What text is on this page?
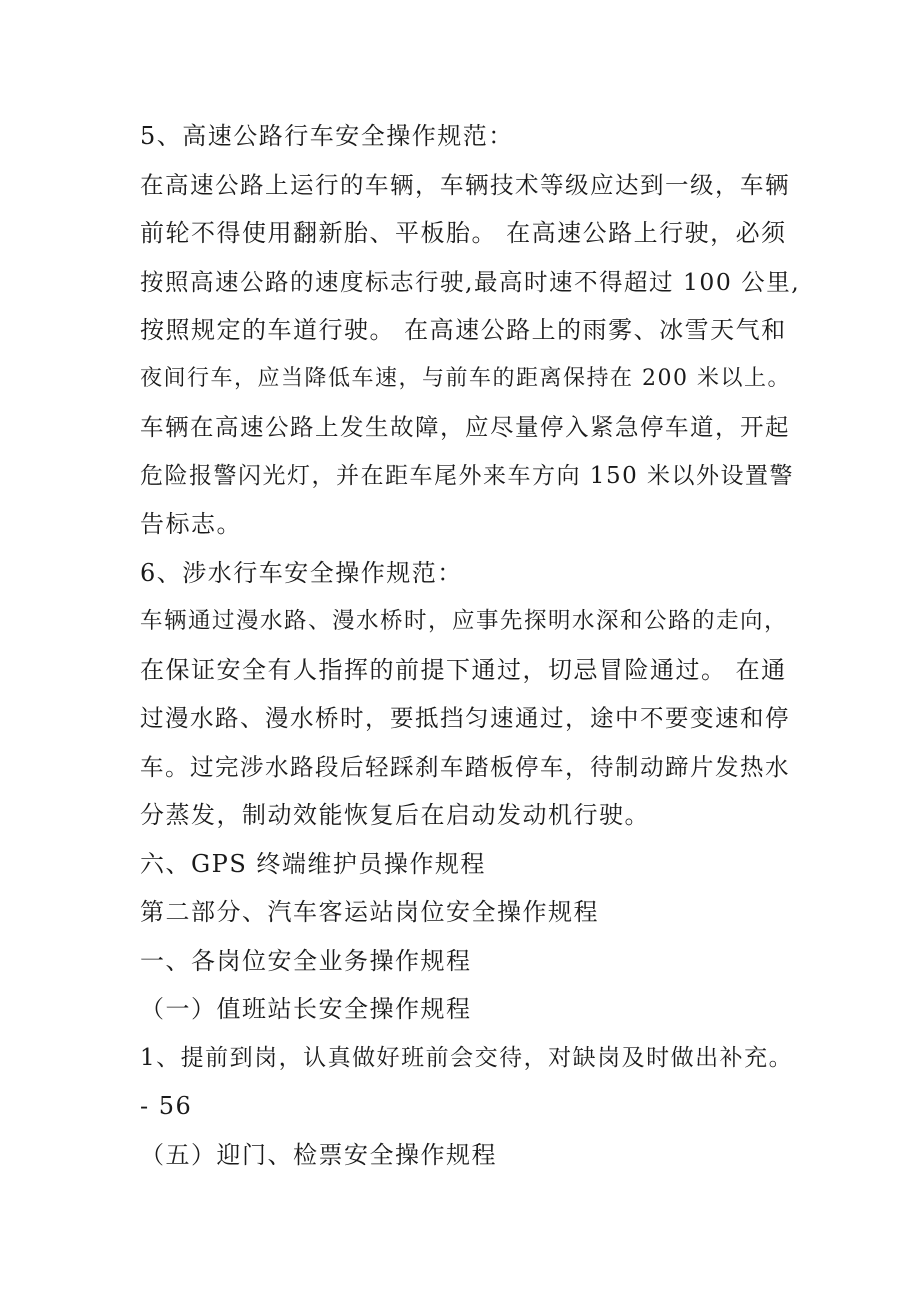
5、高速公路行车安全操作规范：
在高速公路上运行的车辆，车辆技术等级应达到一级，车辆
前轮不得使用翻新胎、平板胎。 在高速公路上行驶，必须
按照高速公路的速度标志行驶,最高时速不得超过 100 公里,
按照规定的车道行驶。 在高速公路上的雨雾、冰雪天气和
夜间行车，应当降低车速，与前车的距离保持在 200 米以上。
车辆在高速公路上发生故障，应尽量停入紧急停车道，开起
危险报警闪光灯，并在距车尾外来车方向 150 米以外设置警
告标志。
6、涉水行车安全操作规范：
车辆通过漫水路、漫水桥时，应事先探明水深和公路的走向，
在保证安全有人指挥的前提下通过，切忌冒险通过。 在通
过漫水路、漫水桥时，要抵挡匀速通过，途中不要变速和停
车。过完涉水路段后轻踩刹车踏板停车，待制动蹄片发热水
分蒸发，制动效能恢复后在启动发动机行驶。
六、GPS 终端维护员操作规程
第二部分、汽车客运站岗位安全操作规程
一、各岗位安全业务操作规程
（一）值班站长安全操作规程
1、提前到岗，认真做好班前会交待，对缺岗及时做出补充。
- 56
（五）迎门、检票安全操作规程
